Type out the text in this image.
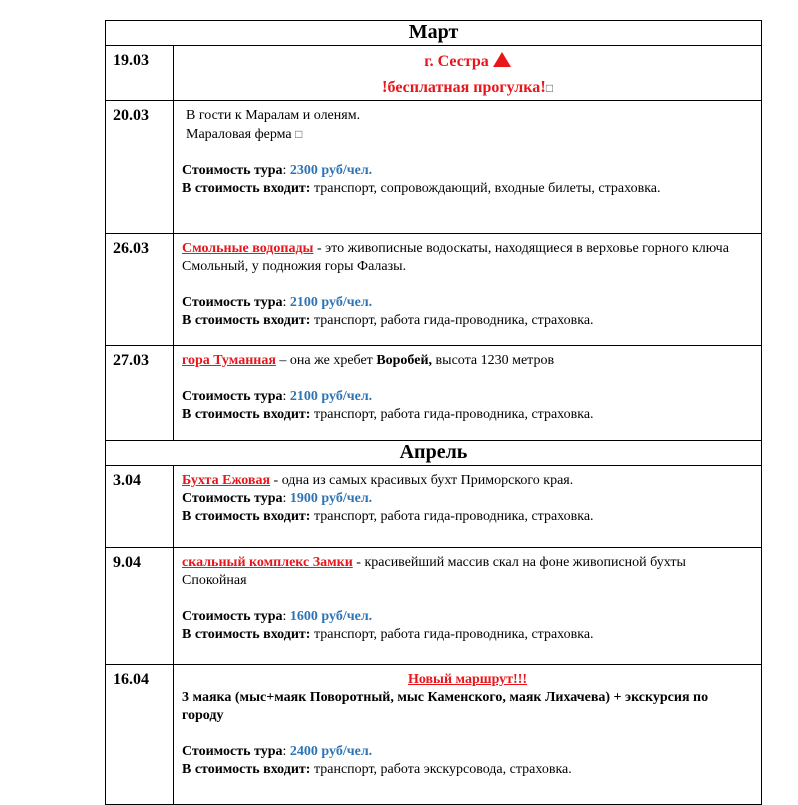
Март	
19.03	г. Сестра
!бесплатная прогулка!□

20.03	В гости к Маралам и оленям.
Мараловая ферма □
Стоимость тура: 2300 руб/чел.
В стоимость входит: транспорт, сопровождающий, входные билеты, страховка.

26.03	Смольные водопады - это живописные водоскаты, находящиеся в верховье горного ключа Смольный, у подножия горы Фалазы.
Стоимость тура: 2100 руб/чел.
В стоимость входит: транспорт, работа гида-проводника, страховка.

27.03	гора Туманная – она же хребет Воробей, высота 1230 метров
Стоимость тура: 2100 руб/чел.
В стоимость входит: транспорт, работа гида-проводника, страховка.

Апрель	
3.04	Бухта Ежовая - одна из самых красивых бухт Приморского края.
Стоимость тура: 1900 руб/чел.
В стоимость входит: транспорт, работа гида-проводника, страховка.

9.04	скальный комплекс Замки - красивейший массив скал на фоне живописной бухты Спокойная
Стоимость тура: 1600 руб/чел.
В стоимость входит: транспорт, работа гида-проводника, страховка.

16.04	Новый маршрут!!!
3 маяка (мыс+маяк Поворотный, мыс Каменского, маяк Лихачева) + экскурсия по городу
Стоимость тура: 2400 руб/чел.
В стоимость входит: транспорт, работа экскурсовода, страховка.
